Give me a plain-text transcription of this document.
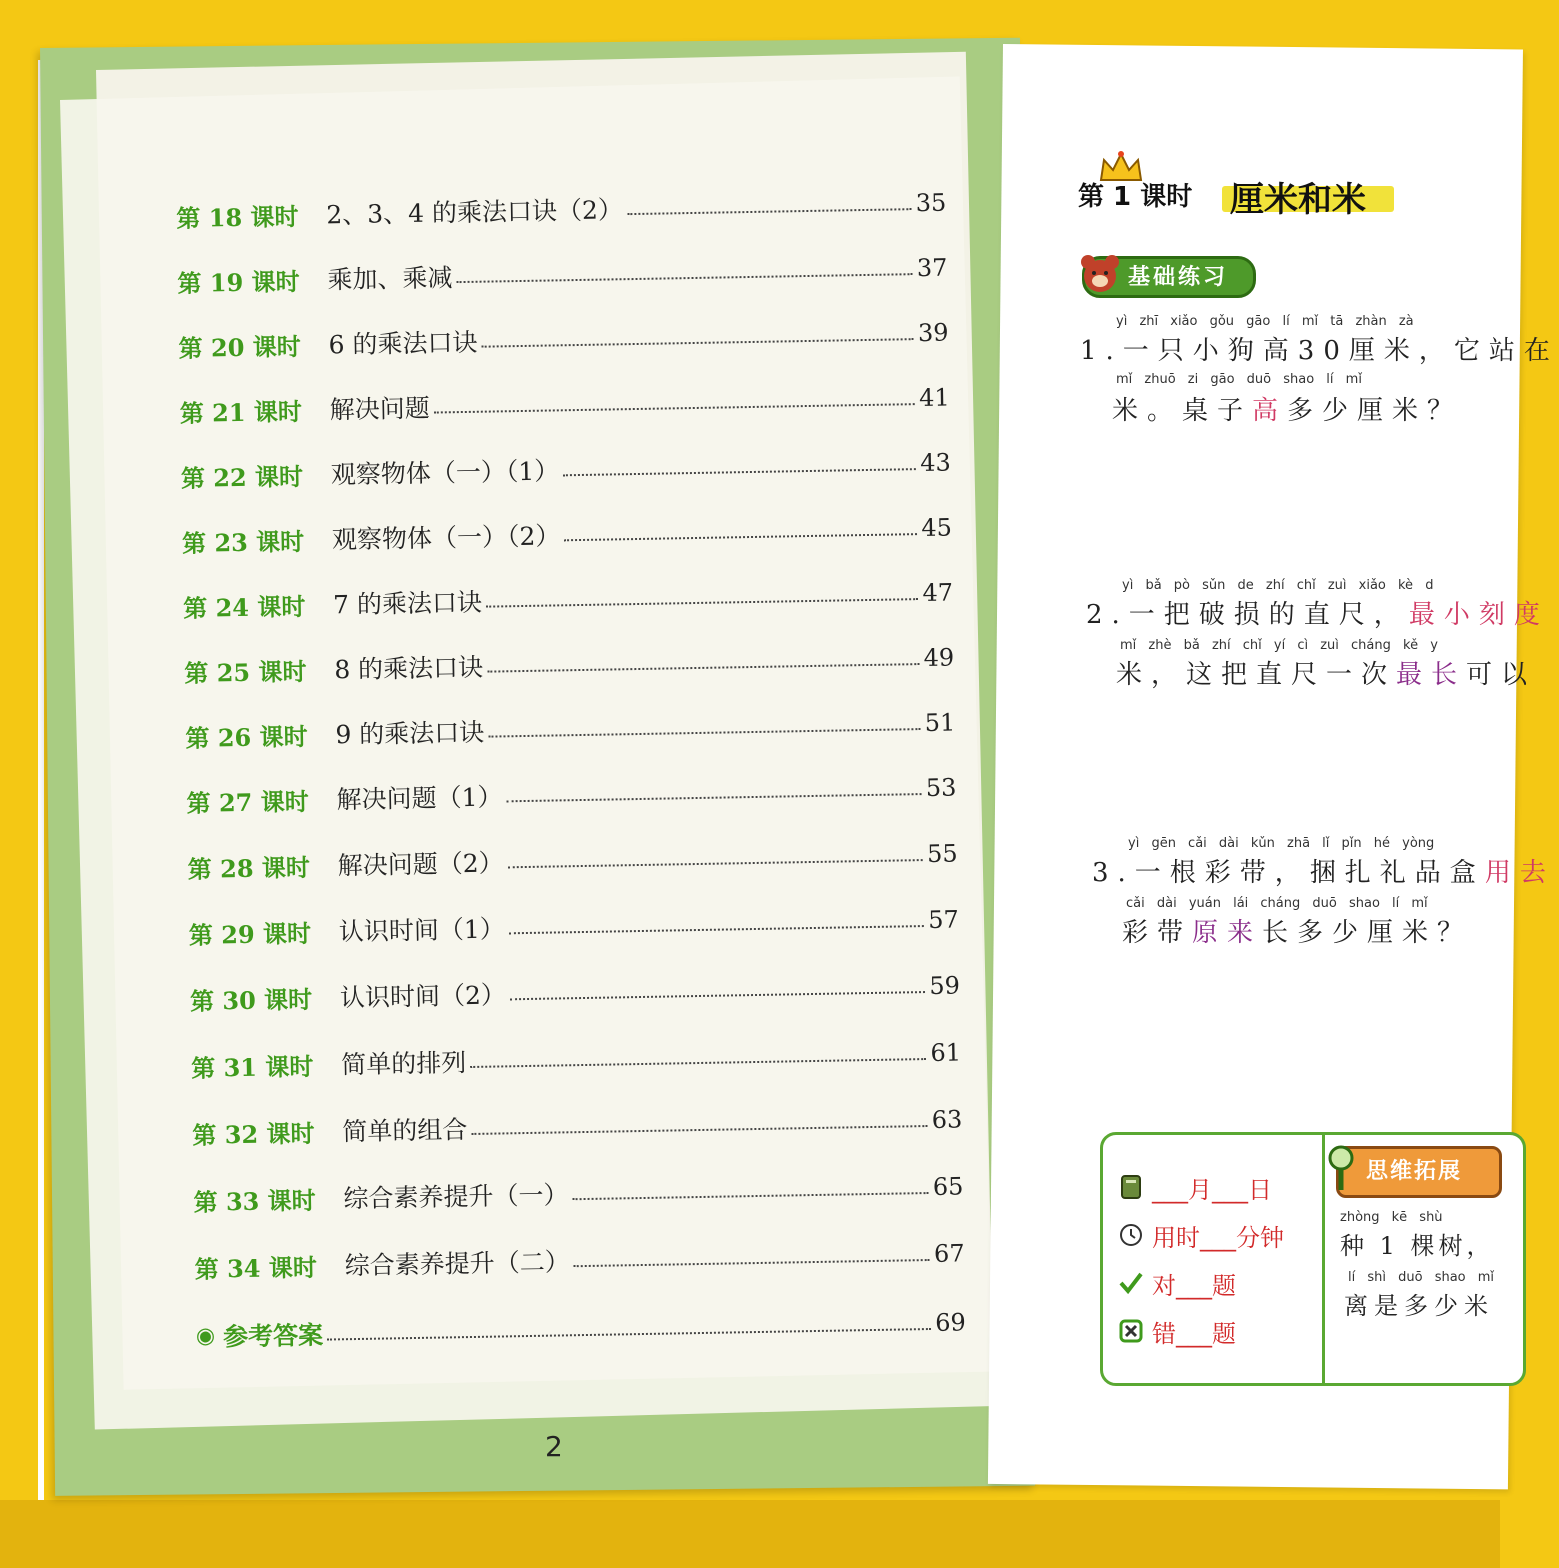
第 18 课时	2、3、4 的乘法口诀（2）	35
第 19 课时	乘加、乘减	37
第 20 课时	6 的乘法口诀	39
第 21 课时	解决问题	41
第 22 课时	观察物体（一）（1）	43
第 23 课时	观察物体（一）（2）	45
第 24 课时	7 的乘法口诀	47
第 25 课时	8 的乘法口诀	49
第 26 课时	9 的乘法口诀	51
第 27 课时	解决问题（1）	53
第 28 课时	解决问题（2）	55
第 29 课时	认识时间（1）	57
第 30 课时	认识时间（2）	59
第 31 课时	简单的排列	61
第 32 课时	简单的组合	63
第 33 课时	综合素养提升（一）	65
第 34 课时	综合素养提升（二）	67
◉ 参考答案	69
2
第 1 课时 厘米和米
基础练习
yì zhī xiǎo gǒu gāo lí mǐ tā zhàn zà
1.一只小狗高30厘米，它站在
mǐ zhuō zi gāo duō shao lí mǐ
米。桌子高多少厘米？
yì bǎ pò sǔn de zhí chǐ zuì xiǎo kè d
2.一把破损的直尺，最小刻度
mǐ zhè bǎ zhí chǐ yí cì zuì cháng kě y
米，这把直尺一次最长可以
yì gēn cǎi dài kǔn zhā lǐ pǐn hé yòng
3.一根彩带，捆扎礼品盒用去
cǎi dài yuán lái cháng duō shao lí mǐ
彩带原来长多少厘米？
___月___日
用时___分钟
对___题
错___题
思维拓展
zhòng kē shù
种 1 棵树，
lí shì duō shao mǐ
离是多少米
